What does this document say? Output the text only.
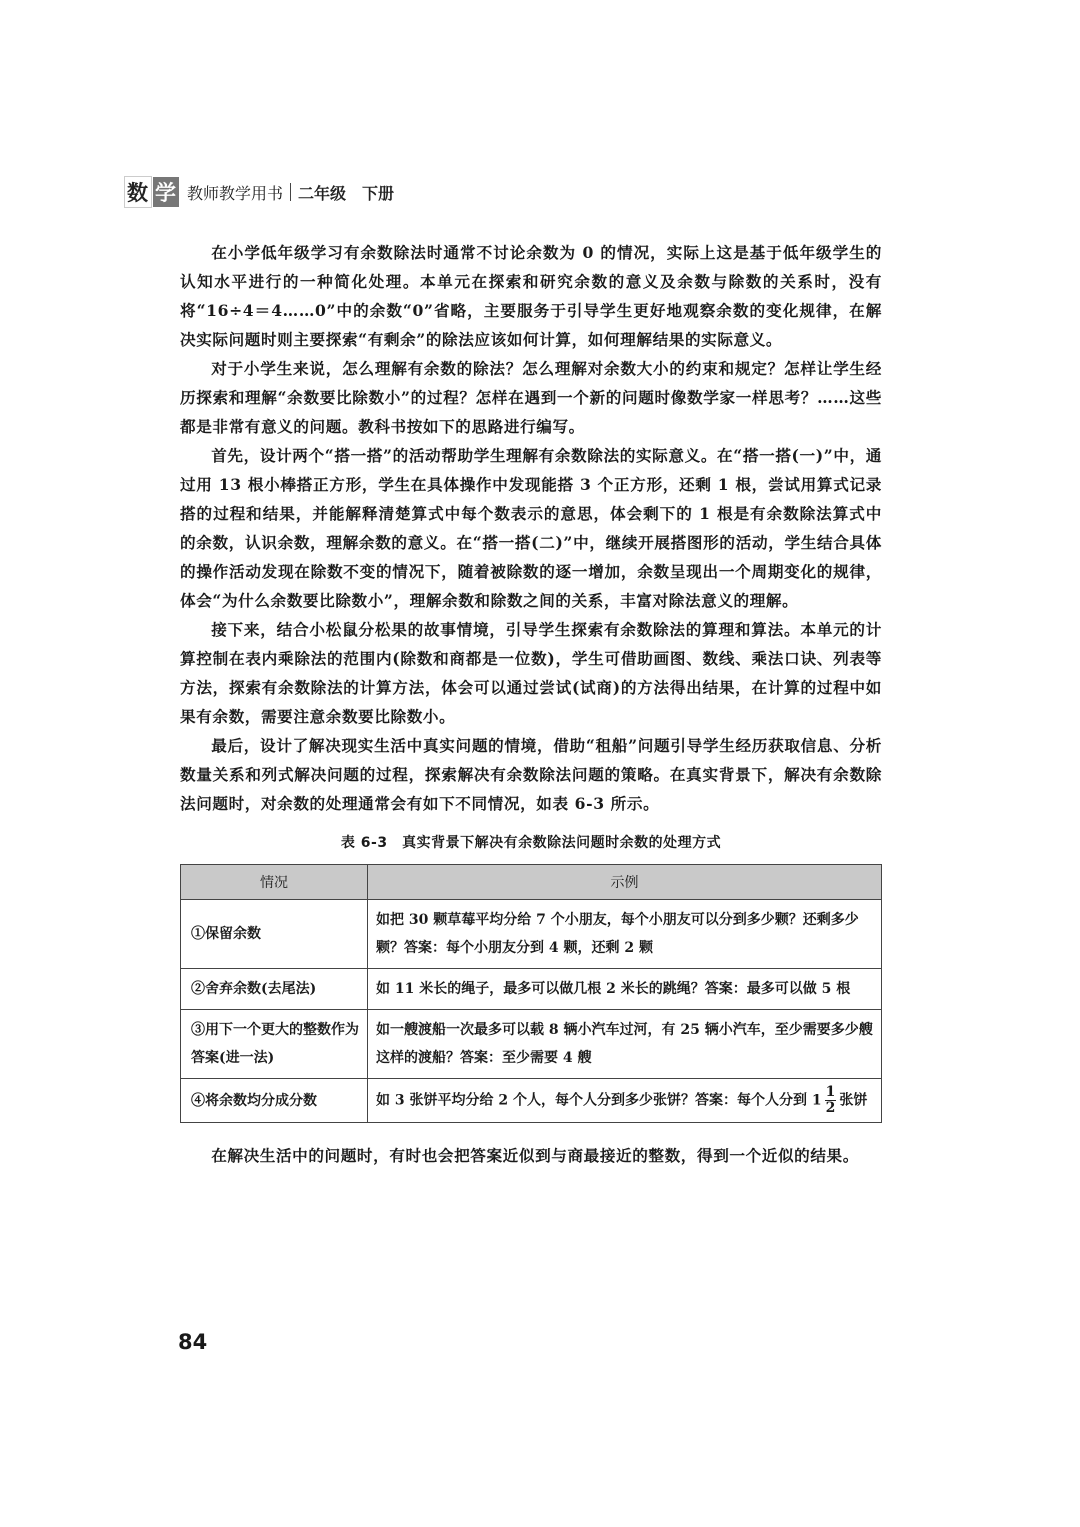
数 学 教师教学用书 二年级　下册

在小学低年级学习有余数除法时通常不讨论余数为 0 的情况，实际上这是基于低年级学生的认知水平进行的一种简化处理。本单元在探索和研究余数的意义及余数与除数的关系时，没有将“16÷4＝4……0”中的余数“0”省略，主要服务于引导学生更好地观察余数的变化规律，在解决实际问题时则主要探索“有剩余”的除法应该如何计算，如何理解结果的实际意义。

对于小学生来说，怎么理解有余数的除法？怎么理解对余数大小的约束和规定？怎样让学生经历探索和理解“余数要比除数小”的过程？怎样在遇到一个新的问题时像数学家一样思考？……这些都是非常有意义的问题。教科书按如下的思路进行编写。

首先，设计两个“搭一搭”的活动帮助学生理解有余数除法的实际意义。在“搭一搭(一)”中，通过用 13 根小棒搭正方形，学生在具体操作中发现能搭 3 个正方形，还剩 1 根，尝试用算式记录搭的过程和结果，并能解释清楚算式中每个数表示的意思，体会剩下的 1 根是有余数除法算式中的余数，认识余数，理解余数的意义。在“搭一搭(二)”中，继续开展搭图形的活动，学生结合具体的操作活动发现在除数不变的情况下，随着被除数的逐一增加，余数呈现出一个周期变化的规律，体会“为什么余数要比除数小”，理解余数和除数之间的关系，丰富对除法意义的理解。

接下来，结合小松鼠分松果的故事情境，引导学生探索有余数除法的算理和算法。本单元的计算控制在表内乘除法的范围内(除数和商都是一位数)，学生可借助画图、数线、乘法口诀、列表等方法，探索有余数除法的计算方法，体会可以通过尝试(试商)的方法得出结果，在计算的过程中如果有余数，需要注意余数要比除数小。

最后，设计了解决现实生活中真实问题的情境，借助“租船”问题引导学生经历获取信息、分析数量关系和列式解决问题的过程，探索解决有余数除法问题的策略。在真实背景下，解决有余数除法问题时，对余数的处理通常会有如下不同情况，如表 6-3 所示。

表 6-3　真实背景下解决有余数除法问题时余数的处理方式
情况	示例
①保留余数	如把 30 颗草莓平均分给 7 个小朋友，每个小朋友可以分到多少颗？还剩多少颗？答案：每个小朋友分到 4 颗，还剩 2 颗
②舍弃余数(去尾法)	如 11 米长的绳子，最多可以做几根 2 米长的跳绳？答案：最多可以做 5 根
③用下一个更大的整数作为答案(进一法)	如一艘渡船一次最多可以载 8 辆小汽车过河，有 25 辆小汽车，至少需要多少艘这样的渡船？答案：至少需要 4 艘
④将余数均分成分数	如 3 张饼平均分给 2 个人，每个人分到多少张饼？答案：每个人分到 $1 \frac{1}{2}$ 张饼

在解决生活中的问题时，有时也会把答案近似到与商最接近的整数，得到一个近似的结果。

84
